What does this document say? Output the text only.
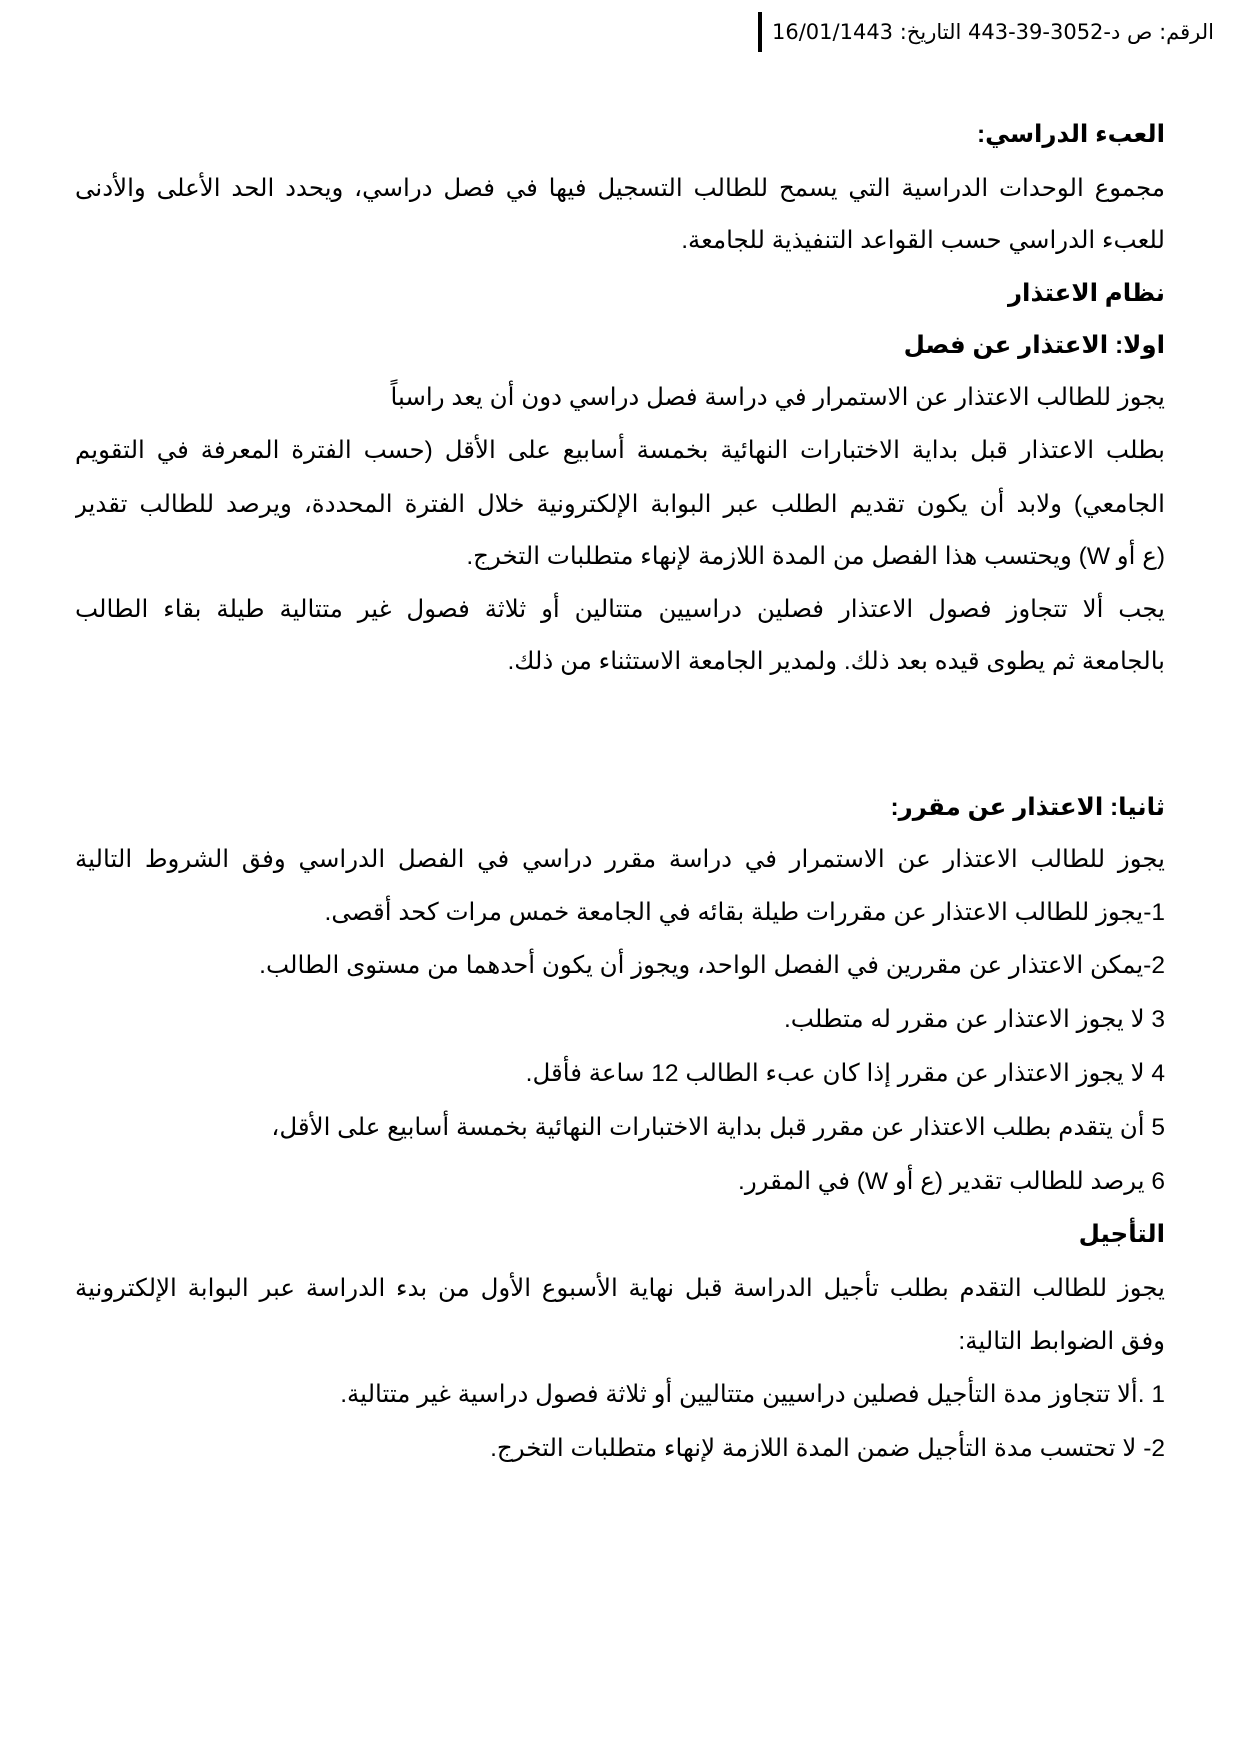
الرقم: ص د-3052-39-443 التاريخ: 16/01/1443
العبء الدراسي:
مجموع الوحدات الدراسية التي يسمح للطالب التسجيل فيها في فصل دراسي، ويحدد الحد الأعلى والأدنى
للعبء الدراسي حسب القواعد التنفيذية للجامعة.
نظام الاعتذار
اولا: الاعتذار عن فصل
يجوز للطالب الاعتذار عن الاستمرار في دراسة فصل دراسي دون أن يعد راسباً
بطلب الاعتذار قبل بداية الاختبارات النهائية بخمسة أسابيع على الأقل (حسب الفترة المعرفة في التقويم
الجامعي) ولابد أن يكون تقديم الطلب عبر البوابة الإلكترونية خلال الفترة المحددة، ويرصد للطالب تقدير
(ع أو W) ويحتسب هذا الفصل من المدة اللازمة لإنهاء متطلبات التخرج.
يجب ألا تتجاوز فصول الاعتذار فصلين دراسيين متتالين أو ثلاثة فصول غير متتالية طيلة بقاء الطالب
بالجامعة ثم يطوى قيده بعد ذلك. ولمدير الجامعة الاستثناء من ذلك.
ثانيا: الاعتذار عن مقرر:
يجوز للطالب الاعتذار عن الاستمرار في دراسة مقرر دراسي في الفصل الدراسي وفق الشروط التالية
1-يجوز للطالب الاعتذار عن مقررات طيلة بقائه في الجامعة خمس مرات كحد أقصى.
2-يمكن الاعتذار عن مقررين في الفصل الواحد، ويجوز أن يكون أحدهما من مستوى الطالب.
3 لا يجوز الاعتذار عن مقرر له متطلب.
4 لا يجوز الاعتذار عن مقرر إذا كان عبء الطالب 12 ساعة فأقل.
5 أن يتقدم بطلب الاعتذار عن مقرر قبل بداية الاختبارات النهائية بخمسة أسابيع على الأقل،
6 يرصد للطالب تقدير (ع أو W) في المقرر.
التأجيل
يجوز للطالب التقدم بطلب تأجيل الدراسة قبل نهاية الأسبوع الأول من بدء الدراسة عبر البوابة الإلكترونية
وفق الضوابط التالية:
1 .ألا تتجاوز مدة التأجيل فصلين دراسيين متتاليين أو ثلاثة فصول دراسية غير متتالية.
2- لا تحتسب مدة التأجيل ضمن المدة اللازمة لإنهاء متطلبات التخرج.
